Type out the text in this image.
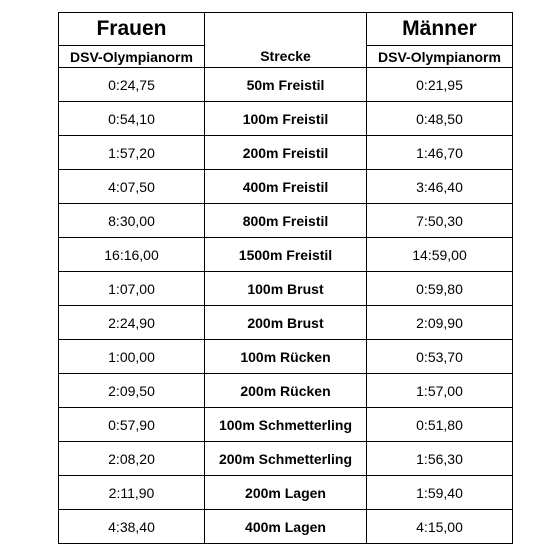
Frauen		Männer
DSV-Olympianorm	Strecke	DSV-Olympianorm
0:24,75	50m Freistil	0:21,95
0:54,10	100m Freistil	0:48,50
1:57,20	200m Freistil	1:46,70
4:07,50	400m Freistil	3:46,40
8:30,00	800m Freistil	7:50,30
16:16,00	1500m Freistil	14:59,00
1:07,00	100m Brust	0:59,80
2:24,90	200m Brust	2:09,90
1:00,00	100m Rücken	0:53,70
2:09,50	200m Rücken	1:57,00
0:57,90	100m Schmetterling	0:51,80
2:08,20	200m Schmetterling	1:56,30
2:11,90	200m Lagen	1:59,40
4:38,40	400m Lagen	4:15,00
